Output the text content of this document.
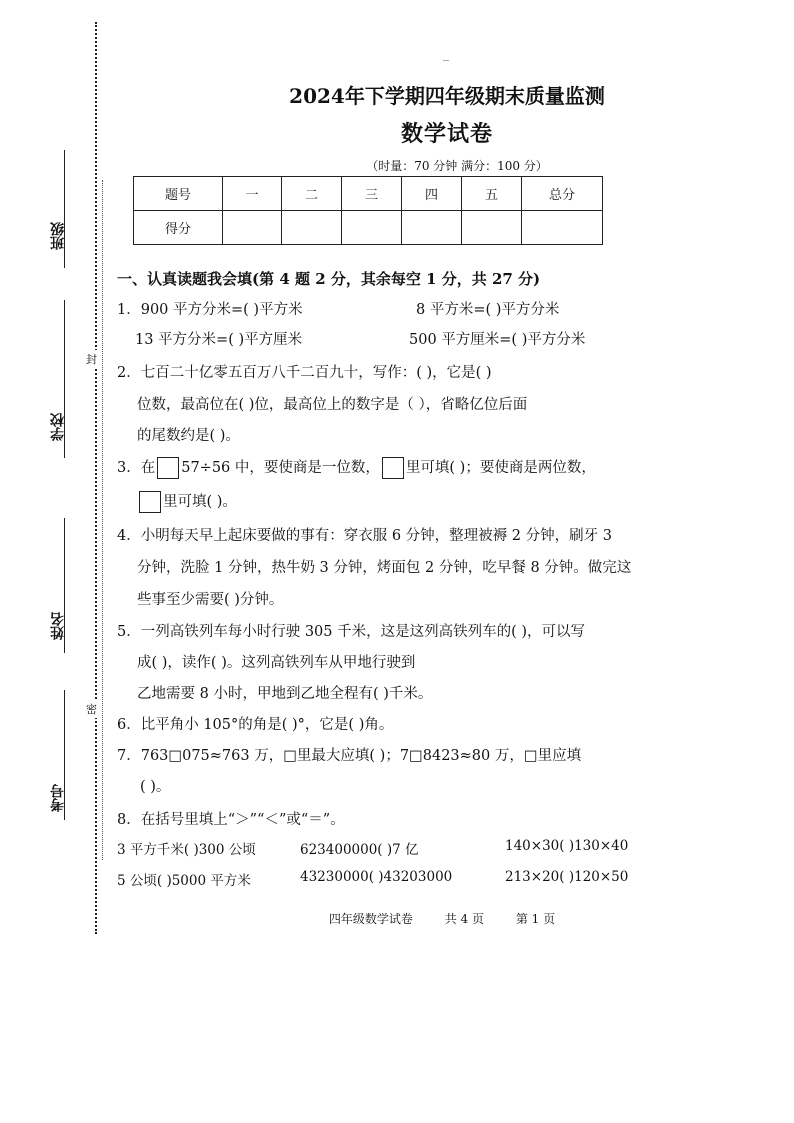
班级
学校
姓名
考号
封
密
2024年下学期四年级期末质量监测
数学试卷
（时量：70 分钟 满分：100 分）
题号	一	二	三	四	五	总分
得分						
一、认真读题我会填(第 4 题 2 分，其余每空 1 分，共 27 分)
1．900 平方分米=( )平方米	8 平方米=( )平方分米
13 平方分米=( )平方厘米	500 平方厘米=( )平方分米
2．七百二十亿零五百万八千二百九十，写作：( )，它是( )
位数，最高位在( )位，最高位上的数字是（ ），省略亿位后面
的尾数约是( )。
3．在 57÷56 中，要使商是一位数， 里可填( )；要使商是两位数，
里可填( )。
4．小明每天早上起床要做的事有：穿衣服 6 分钟，整理被褥 2 分钟，刷牙 3
分钟，洗脸 1 分钟，热牛奶 3 分钟，烤面包 2 分钟，吃早餐 8 分钟。做完这
些事至少需要( )分钟。
5．一列高铁列车每小时行驶 305 千米，这是这列高铁列车的( )，可以写
成( )，读作( )。这列高铁列车从甲地行驶到
乙地需要 8 小时，甲地到乙地全程有( )千米。
6．比平角小 105°的角是( )°，它是( )角。
7．763□075≈763 万，□里最大应填( )；7□8423≈80 万，□里应填
( )。
8．在括号里填上“＞”“＜”或“＝”。
3 平方千米( )300 公顷	623400000( )7 亿	140×30( )130×40
5 公顷( )5000 平方米	43230000( )43203000	213×20( )120×50
四年级数学试卷	共 4 页	第 1 页
